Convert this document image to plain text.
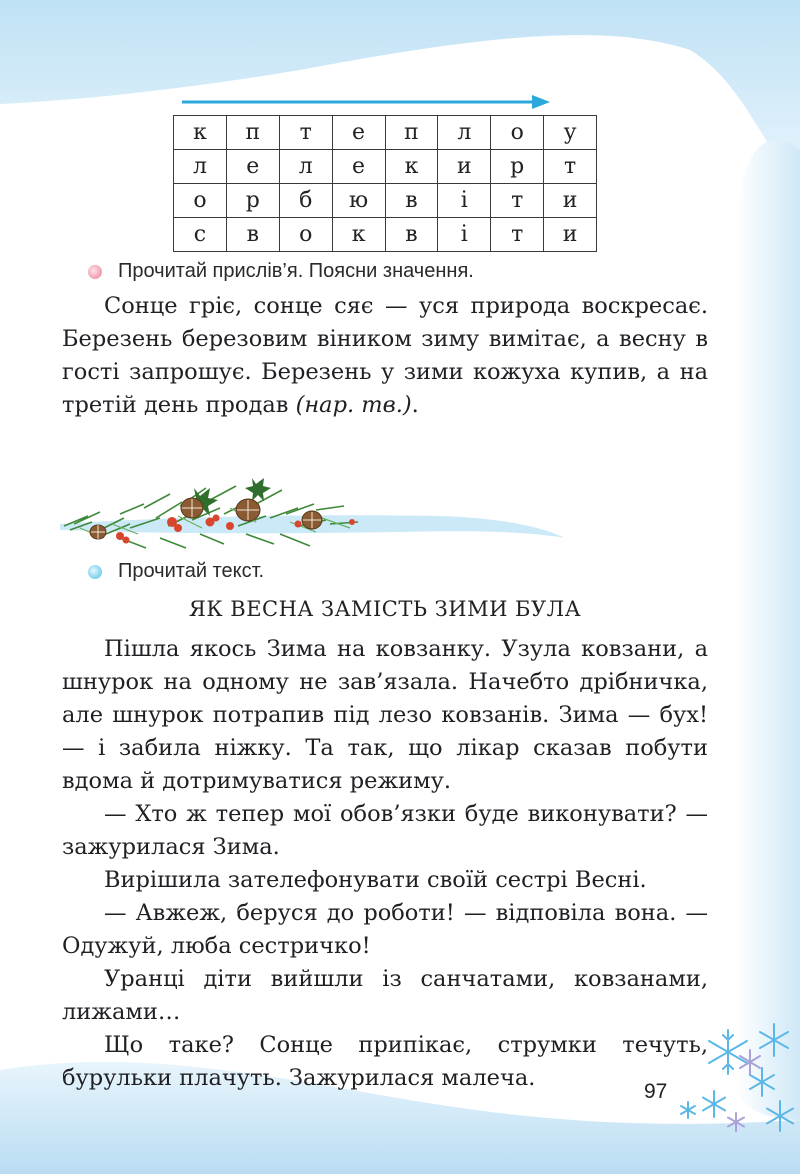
к	п	т	е	п	л	о	у
л	е	л	е	к	и	р	т
о	р	б	ю	в	і	т	и
с	в	о	к	в	і	т	и
Прочитай прислів’я. Поясни значення.

Сонце гріє, сонце сяє — уся природа воскресає. Березень березовим віником зиму вимітає, а весну в гості запрошує. Березень у зими кожуха купив, а на третій день продав (нар. тв.).

Прочитай текст.
ЯК ВЕСНА ЗАМІСТЬ ЗИМИ БУЛА

Пішла якось Зима на ковзанку. Узула ковзани, а шнурок на одному не зав’язала. Начебто дрібничка, але шнурок потрапив під лезо ковзанів. Зима — бух! — і забила ніжку. Та так, що лікар сказав побути вдома й дотримуватися режиму.

— Хто ж тепер мої обов’язки буде виконувати? — зажурилася Зима.

Вирішила зателефонувати своїй сестрі Весні.

— Авжеж, беруся до роботи! — відповіла вона. — Одужуй, люба сестричко!

Уранці діти вийшли із санчатами, ковзанами, лижами…

Що таке? Сонце припікає, струмки течуть, бурульки плачуть. Зажурилася малеча.

97
